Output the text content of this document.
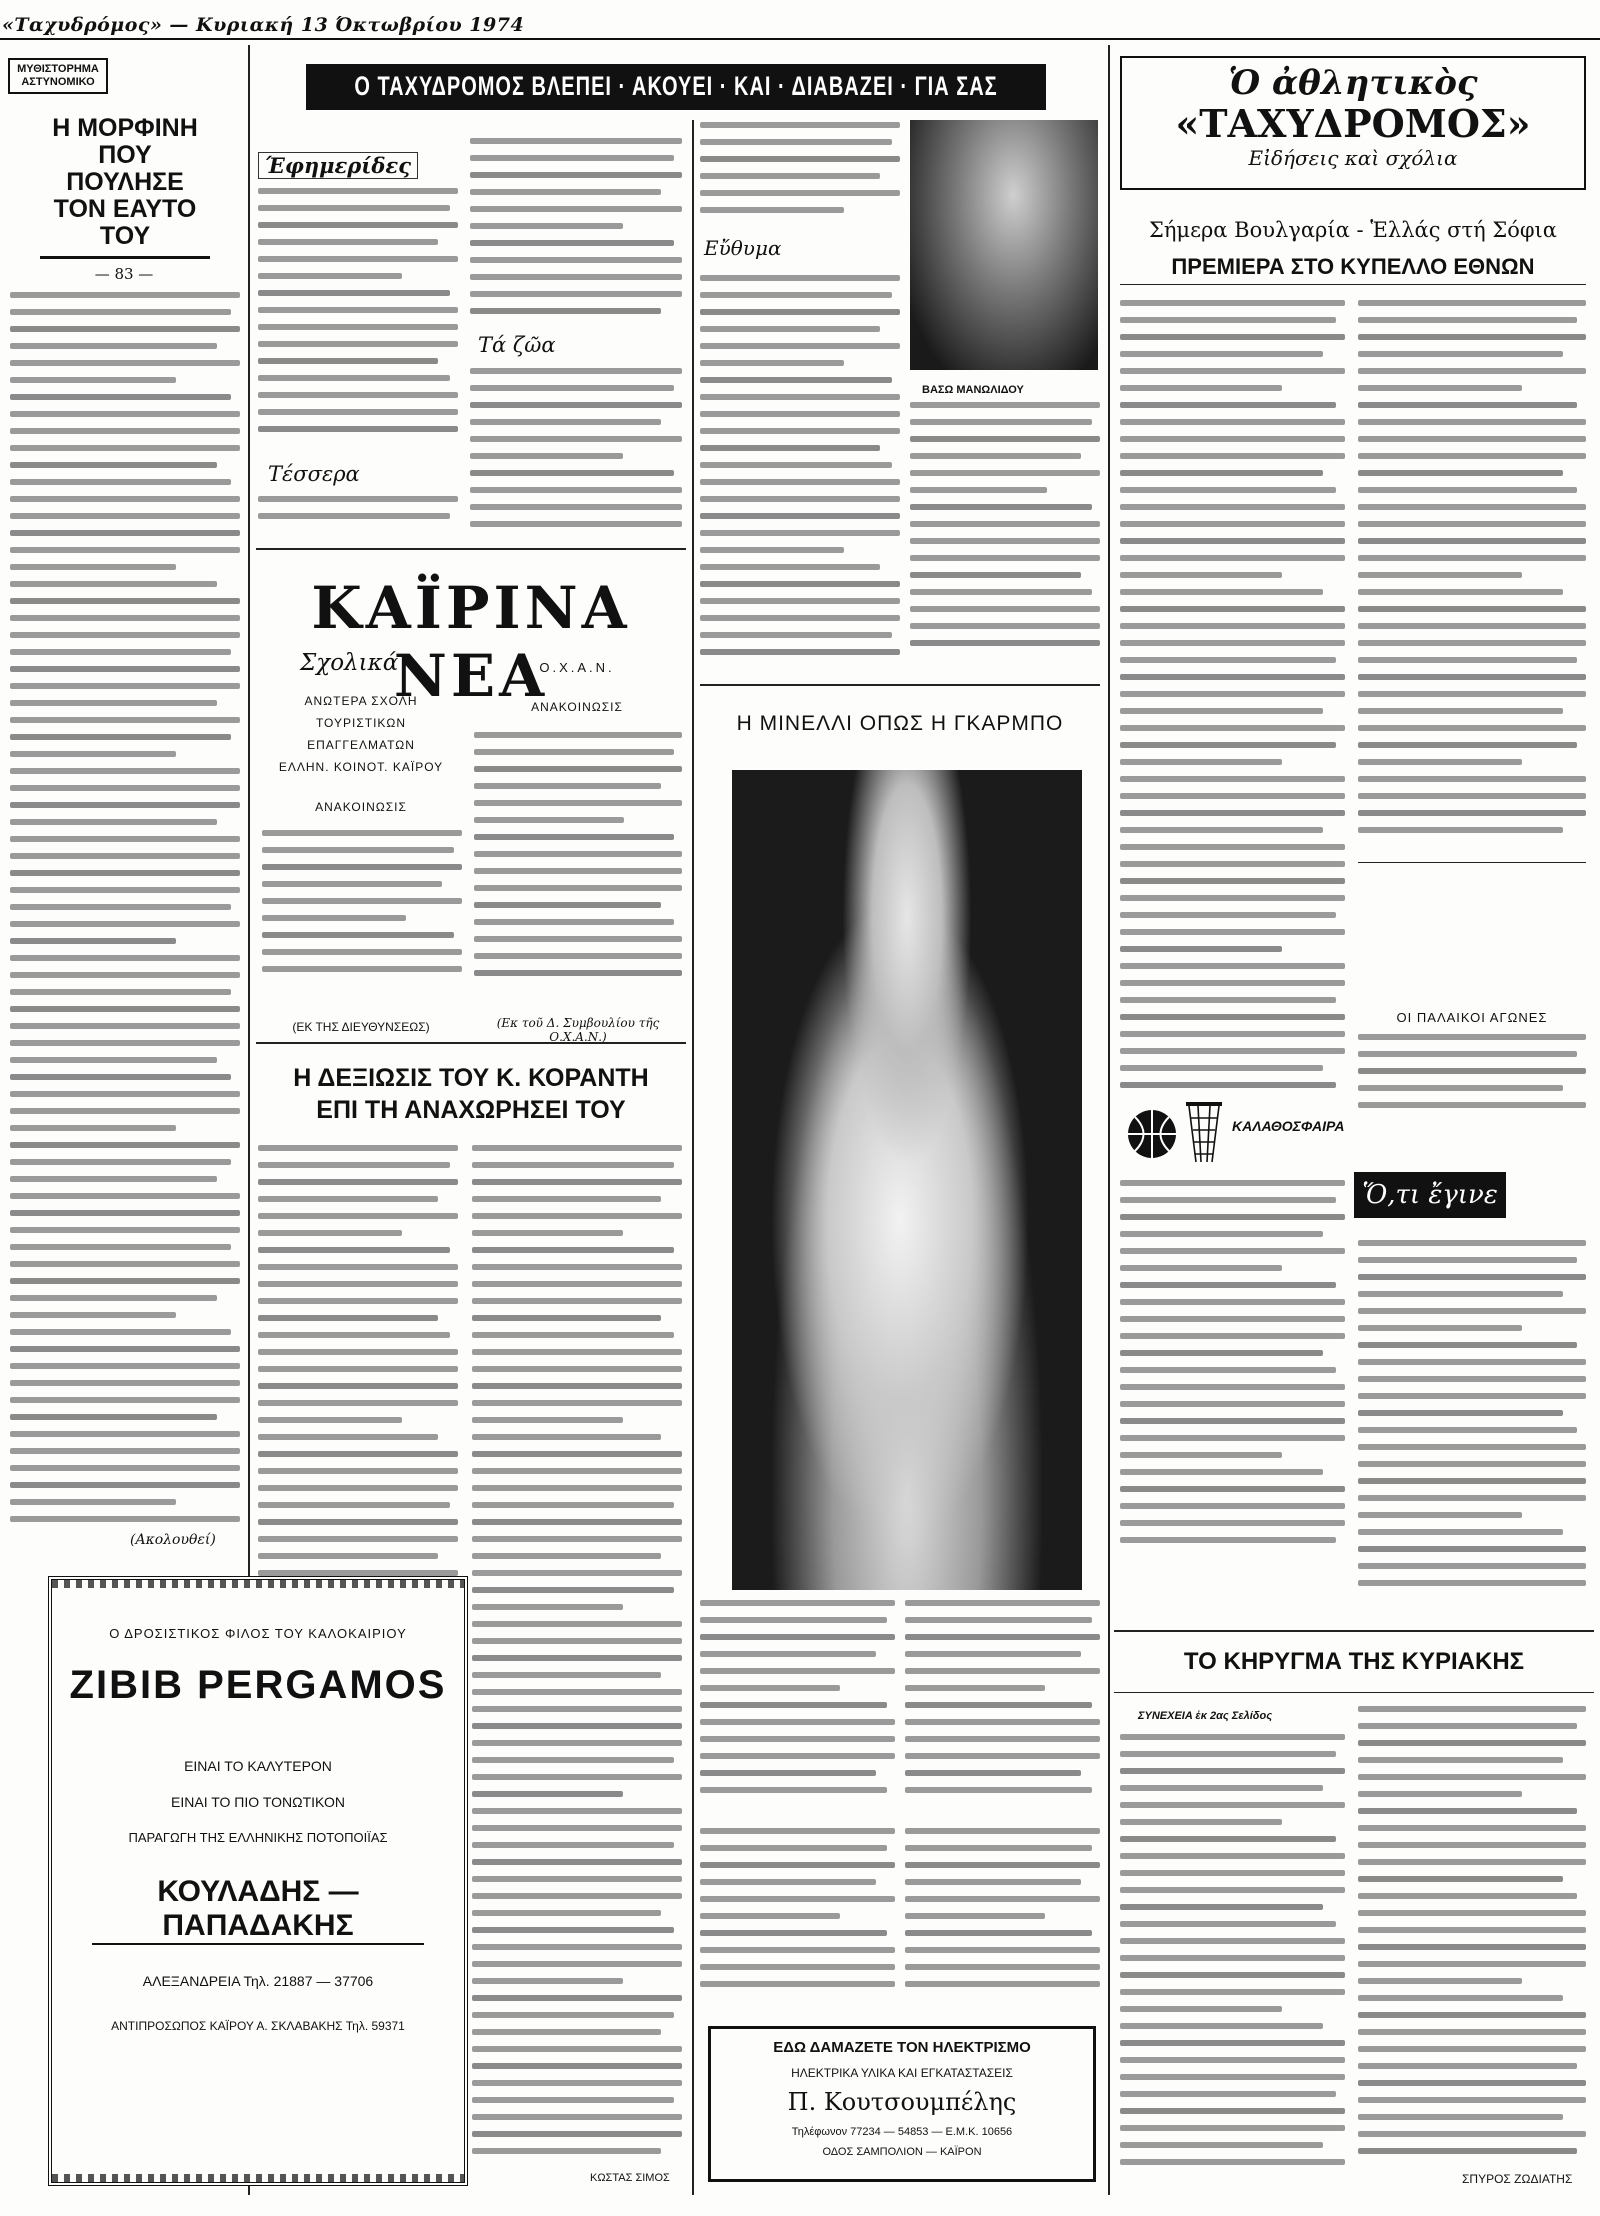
«Ταχυδρόμος» — Κυριακή 13 Όκτωβρίου 1974
ΜΥΘΙΣΤΟΡΗΜΑ ΑΣΤΥΝΟΜΙΚΟ
Η ΜΟΡΦΙΝΗ ΠΟΥ ΠΟΥΛΗΣΕ ΤΟΝ ΕΑΥΤΟ ΤΟΥ
— 83 —
(Ακολουθεί)
Ο ΤΑΧΥΔΡΟΜΟΣ ΒΛΕΠΕΙ · ΑΚΟΥΕΙ · ΚΑΙ · ΔΙΑΒΑΖΕΙ · ΓΙΑ ΣΑΣ
Έφημερίδες
Τέσσερα
Τά ζῶα
ΚΑΪΡΙΝΑ ΝΕΑ
Σχολικά
ΑΝΩΤΕΡΑ ΣΧΟΛΗ
ΤΟΥΡΙΣΤΙΚΩΝ
ΕΠΑΓΓΕΛΜΑΤΩΝ
ΕΛΛΗΝ. ΚΟΙΝΟΤ. ΚΑΪΡΟΥ
ΑΝΑΚΟΙΝΩΣΙΣ
(ΕΚ ΤΗΣ ΔΙΕΥΘΥΝΣΕΩΣ)
Ο.Χ.Α.Ν.
ΑΝΑΚΟΙΝΩΣΙΣ
(Εκ τοῦ Δ. Συμβουλίου τῆς Ο.Χ.Α.Ν.)
Η ΔΕΞΙΩΣΙΣ ΤΟΥ Κ. ΚΟΡΑΝΤΗ ΕΠΙ ΤΗ ΑΝΑΧΩΡΗΣΕΙ ΤΟΥ
ΚΩΣΤΑΣ ΣΙΜΟΣ
Ο ΔΡΟΣΙΣΤΙΚΟΣ ΦΙΛΟΣ ΤΟΥ ΚΑΛΟΚΑΙΡΙΟΥ
ZIBIB PERGAMOS
ΕΙΝΑΙ ΤΟ ΚΑΛΥΤΕΡΟΝ
ΕΙΝΑΙ ΤΟ ΠΙΟ ΤΟΝΩΤΙΚΟΝ
ΠΑΡΑΓΩΓΗ ΤΗΣ ΕΛΛΗΝΙΚΗΣ ΠΟΤΟΠΟΙΪΑΣ
ΚΟΥΛΑΔΗΣ — ΠΑΠΑΔΑΚΗΣ
ΑΛΕΞΑΝΔΡΕΙΑ Τηλ. 21887 — 37706
ΑΝΤΙΠΡΟΣΩΠΟΣ ΚΑΪΡΟΥ Α. ΣΚΛΑΒΑΚΗΣ Τηλ. 59371
Εὔθυμα
ΒΑΣΩ ΜΑΝΩΛΙΔΟΥ
Η ΜΙΝΕΛΛΙ ΟΠΩΣ Η ΓΚΑΡΜΠΟ
ΕΔΩ ΔΑΜΑΖΕΤΕ ΤΟΝ ΗΛΕΚΤΡΙΣΜΟ
ΗΛΕΚΤΡΙΚΑ ΥΛΙΚΑ ΚΑΙ ΕΓΚΑΤΑΣΤΑΣΕΙΣ
Π. Κουτσουμπέλης
Τηλέφωνον 77234 — 54853 — Ε.Μ.Κ. 10656
ΟΔΟΣ ΣΑΜΠΟΛΙΟΝ — ΚΑΪΡΟΝ
Ὁ ἀθλητικὸς
«ΤΑΧΥΔΡΟΜΟΣ»
Εἰδήσεις καὶ σχόλια
Σήμερα Βουλγαρία - Ἑλλάς στή Σόφια
ΠΡΕΜΙΕΡΑ ΣΤΟ ΚΥΠΕΛΛΟ ΕΘΝΩΝ
ΟΙ ΠΑΛΑΙΚΟΙ ΑΓΩΝΕΣ
ΚΑΛΑΘΟΣΦΑΙΡΑ
Ὅ,τι ἔγινε
ΤΟ ΚΗΡΥΓΜΑ ΤΗΣ ΚΥΡΙΑΚΗΣ
ΣΥΝΕΧΕΙΑ ἐκ 2ας Σελίδος
ΣΠΥΡΟΣ ΖΩΔΙΑΤΗΣ
